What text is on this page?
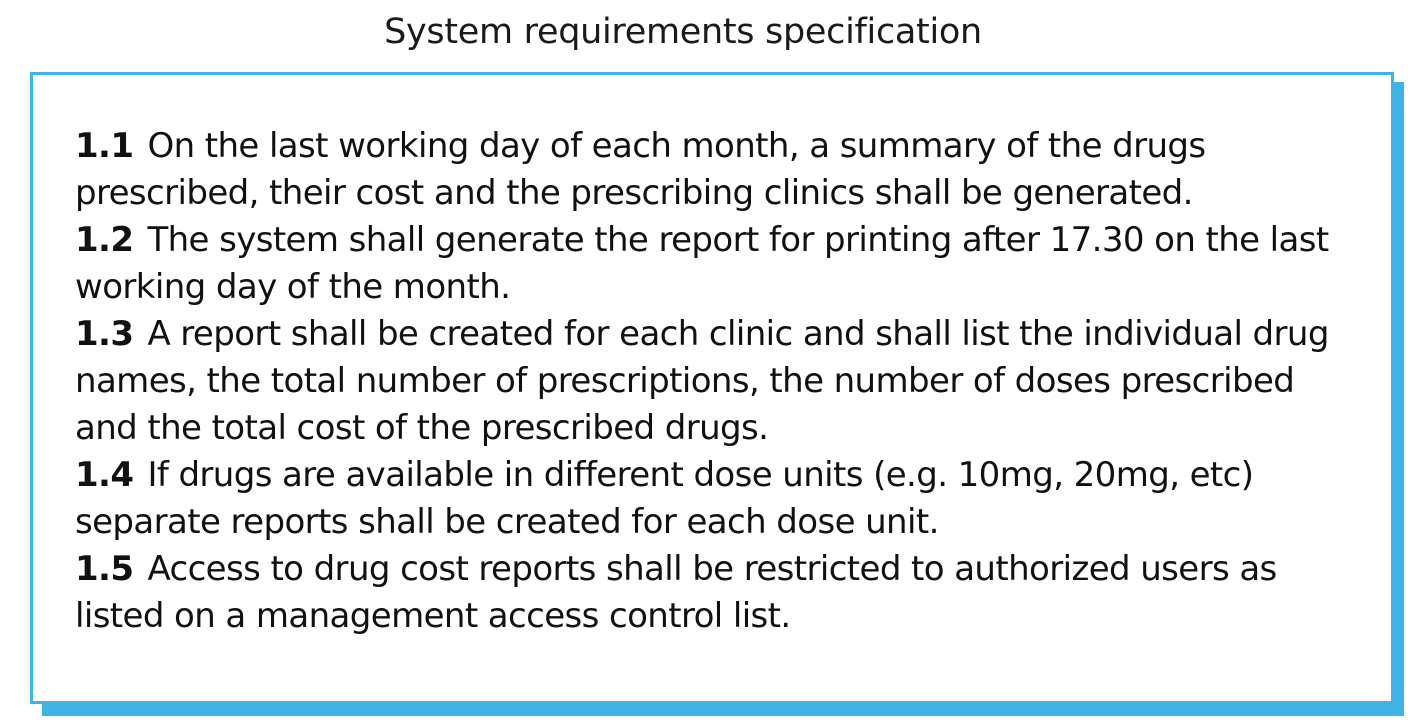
System requirements specification

1.1 On the last working day of each month, a summary of the drugs prescribed, their cost and the prescribing clinics shall be generated.

1.2 The system shall generate the report for printing after 17.30 on the last working day of the month.

1.3 A report shall be created for each clinic and shall list the individual drug names, the total number of prescriptions, the number of doses prescribed and the total cost of the prescribed drugs.

1.4 If drugs are available in different dose units (e.g. 10mg, 20mg, etc) separate reports shall be created for each dose unit.

1.5 Access to drug cost reports shall be restricted to authorized users as listed on a management access control list.
